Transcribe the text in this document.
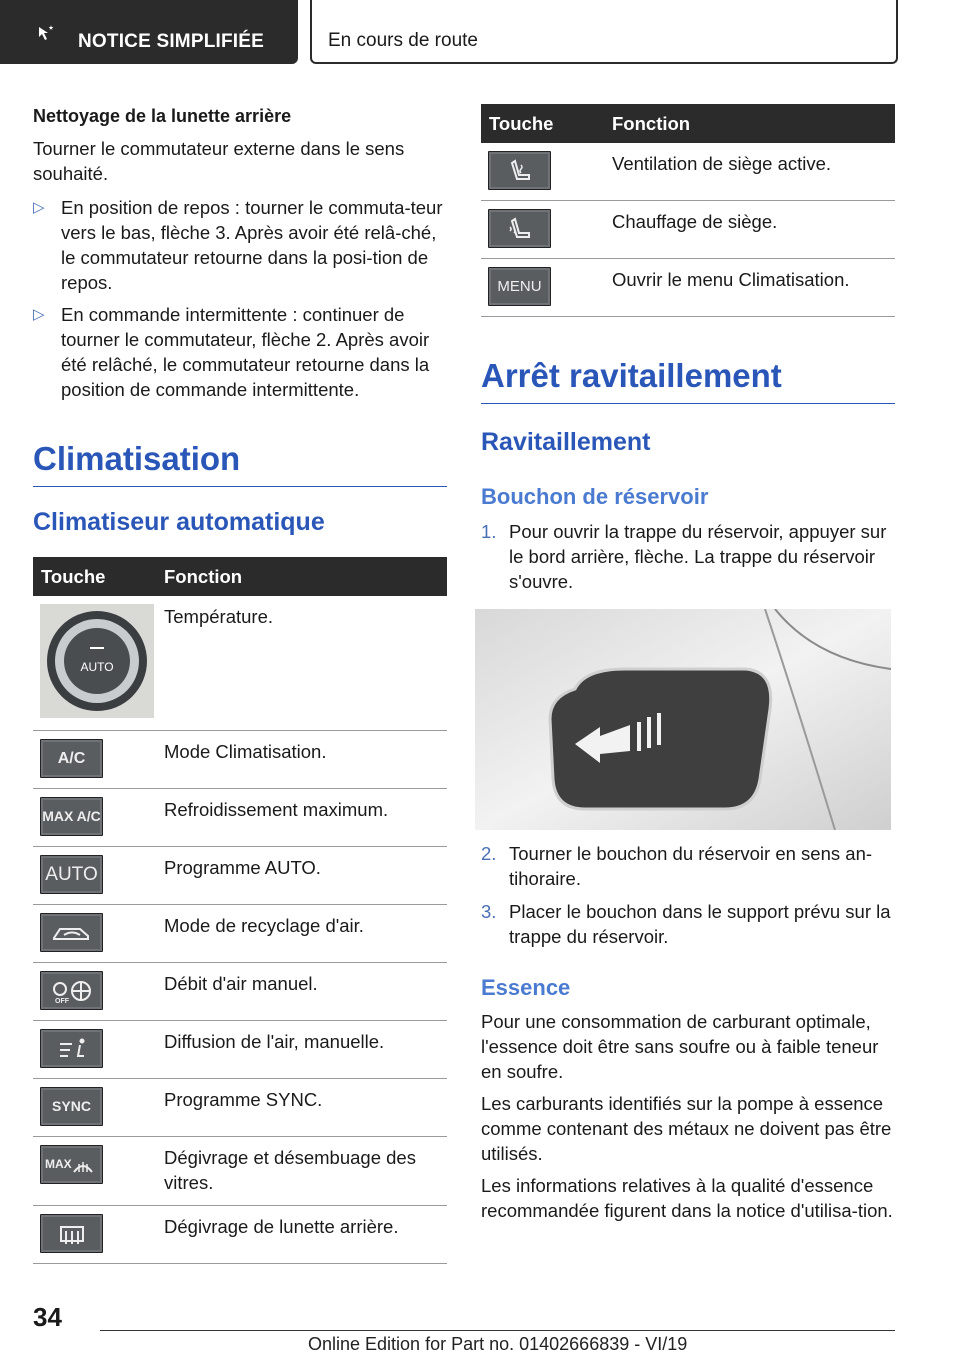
NOTICE SIMPLIFIÉE	En cours de route

Nettoyage de la lunette arrière

Tourner le commutateur externe dans le sens souhaité.

▷ En position de repos : tourner le commuta‐teur vers le bas, flèche 3. Après avoir été relâ‐ché, le commutateur retourne dans la posi‐tion de repos.
▷ En commande intermittente : continuer de tourner le commutateur, flèche 2. Après avoir été relâché, le commutateur retourne dans la position de commande intermittente.
Climatisation
Climatiseur automatique
Touche	Fonction

AUTO	Température.

A/C	Mode Climatisation.

MAX A/C	Refroidissement maximum.

AUTO	Programme AUTO.

	Mode de recyclage d'air.

OFF	Débit d'air manuel.

	Diffusion de l'air, manuelle.

SYNC	Programme SYNC.

MAX	Dégivrage et désembuage des vitres.

	Dégivrage de lunette arrière.
Touche	Fonction

	Ventilation de siège active.

	Chauffage de siège.

MENU	Ouvrir le menu Climatisation.
Arrêt ravitaillement
Ravitaillement
Bouchon de réservoir
1. Pour ouvrir la trappe du réservoir, appuyer sur le bord arrière, flèche. La trappe du réservoir s'ouvre.
2. Tourner le bouchon du réservoir en sens an‐tihoraire.
3. Placer le bouchon dans le support prévu sur la trappe du réservoir.
Essence

Pour une consommation de carburant optimale, l'essence doit être sans soufre ou à faible teneur en soufre.

Les carburants identifiés sur la pompe à essence comme contenant des métaux ne doivent pas être utilisés.

Les informations relatives à la qualité d'essence recommandée figurent dans la notice d'utilisa‐tion.

34
Online Edition for Part no. 01402666839 - VI/19
